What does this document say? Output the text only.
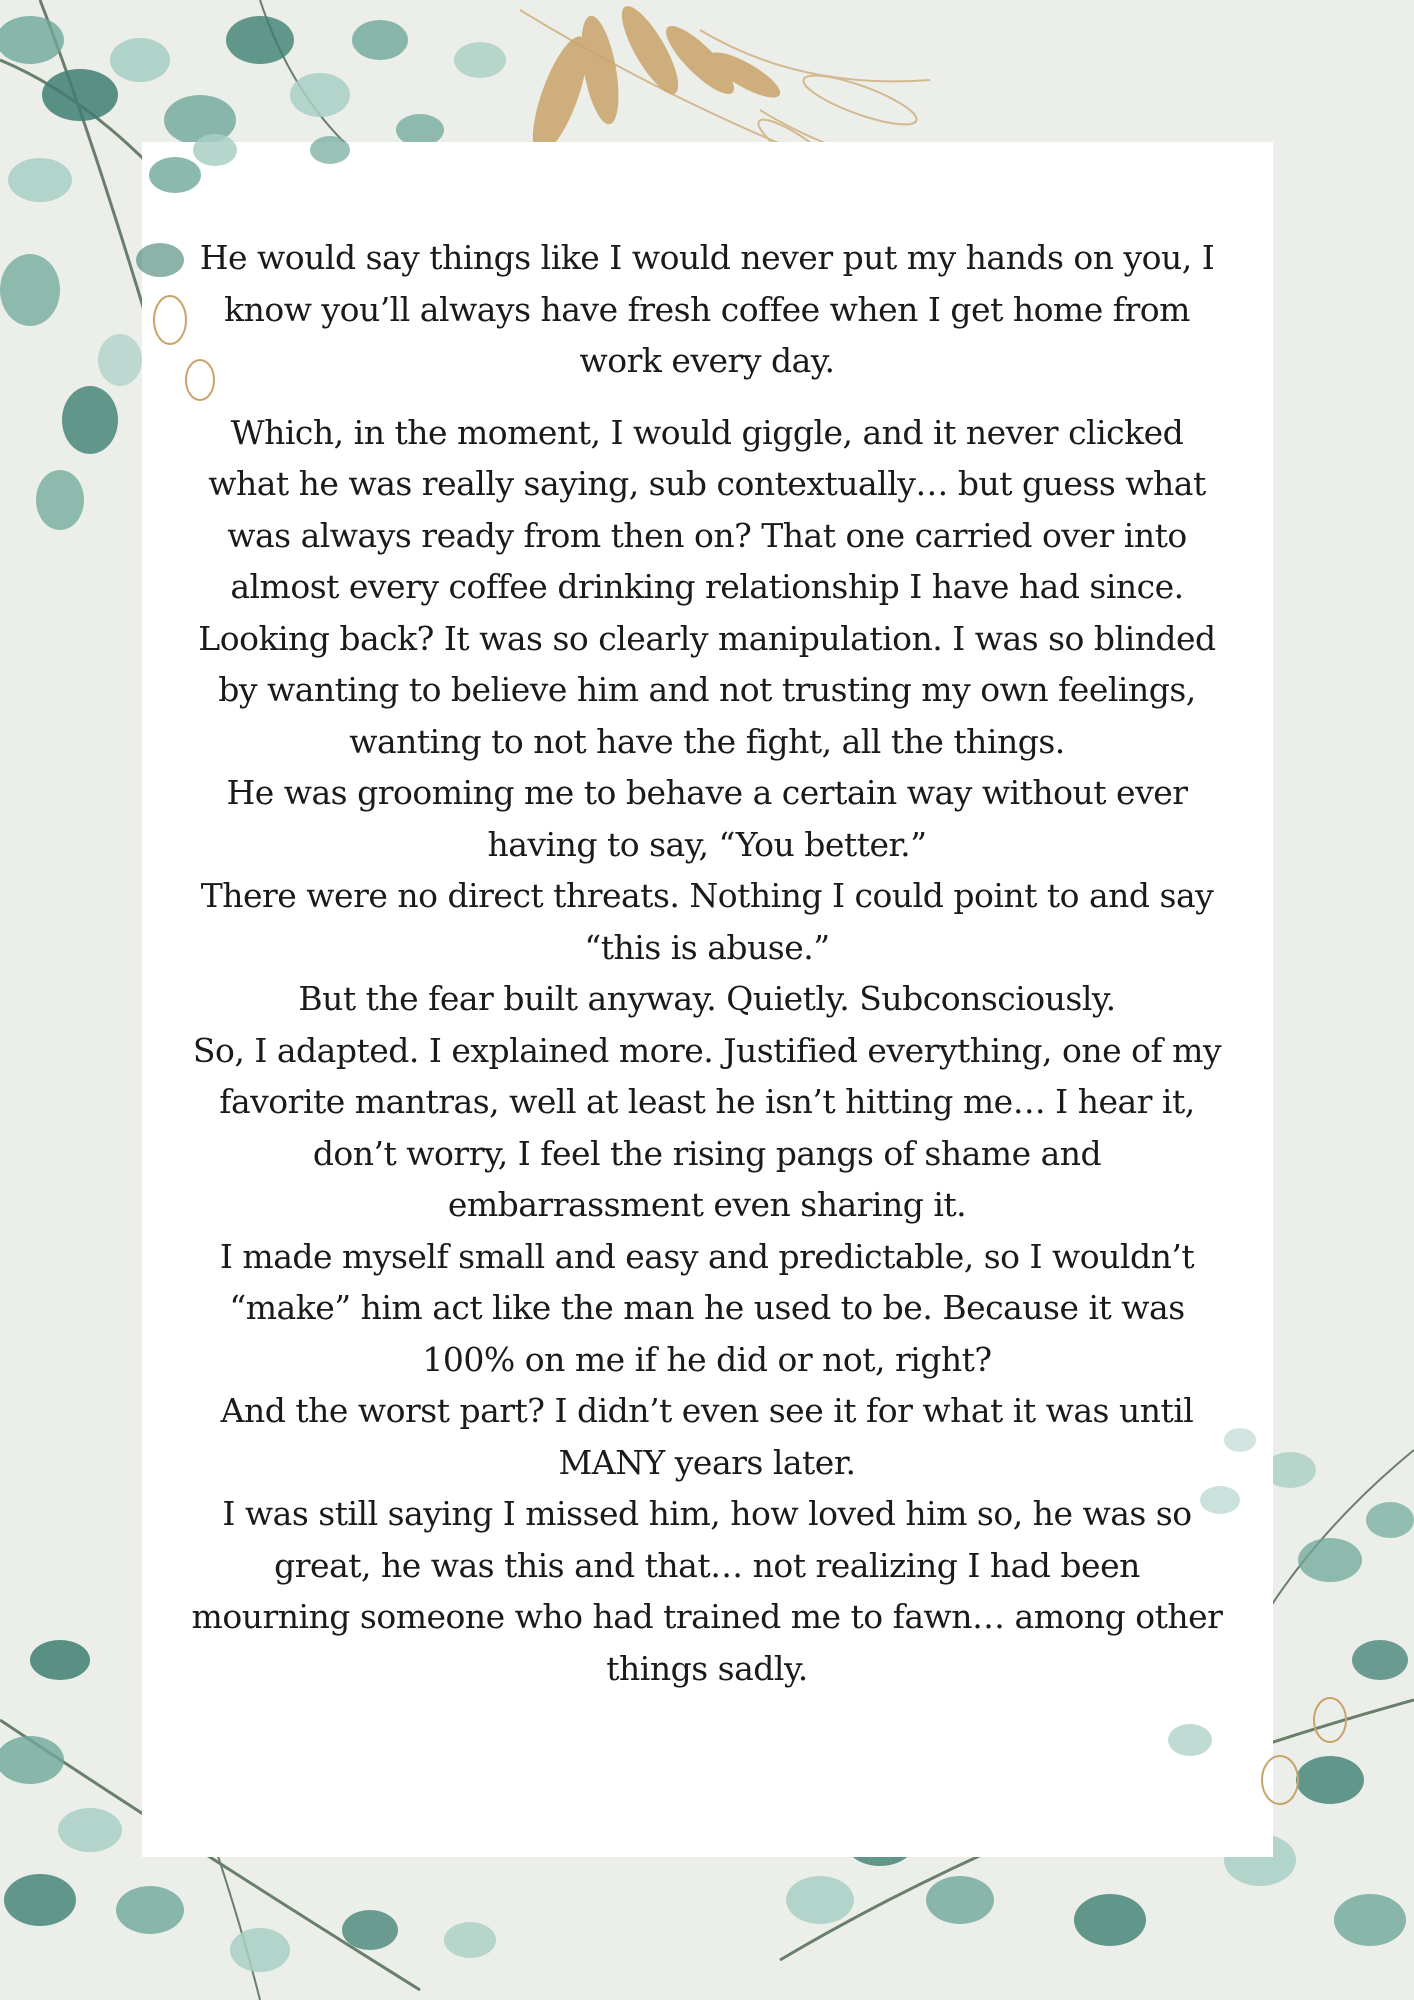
He would say things like I would never put my hands on you, I know you’ll always have fresh coffee when I get home from work every day.

Which, in the moment, I would giggle, and it never clicked what he was really saying, sub contextually… but guess what was always ready from then on? That one carried over into almost every coffee drinking relationship I have had since.

Looking back? It was so clearly manipulation. I was so blinded by wanting to believe him and not trusting my own feelings, wanting to not have the fight, all the things.

He was grooming me to behave a certain way without ever having to say, “You better.”

There were no direct threats. Nothing I could point to and say “this is abuse.”

But the fear built anyway. Quietly. Subconsciously.

So, I adapted. I explained more. Justified everything, one of my favorite mantras, well at least he isn’t hitting me… I hear it, don’t worry, I feel the rising pangs of shame and embarrassment even sharing it.

I made myself small and easy and predictable, so I wouldn’t “make” him act like the man he used to be. Because it was 100% on me if he did or not, right?

And the worst part? I didn’t even see it for what it was until MANY years later.

I was still saying I missed him, how loved him so, he was so great, he was this and that… not realizing I had been mourning someone who had trained me to fawn… among other things sadly.
